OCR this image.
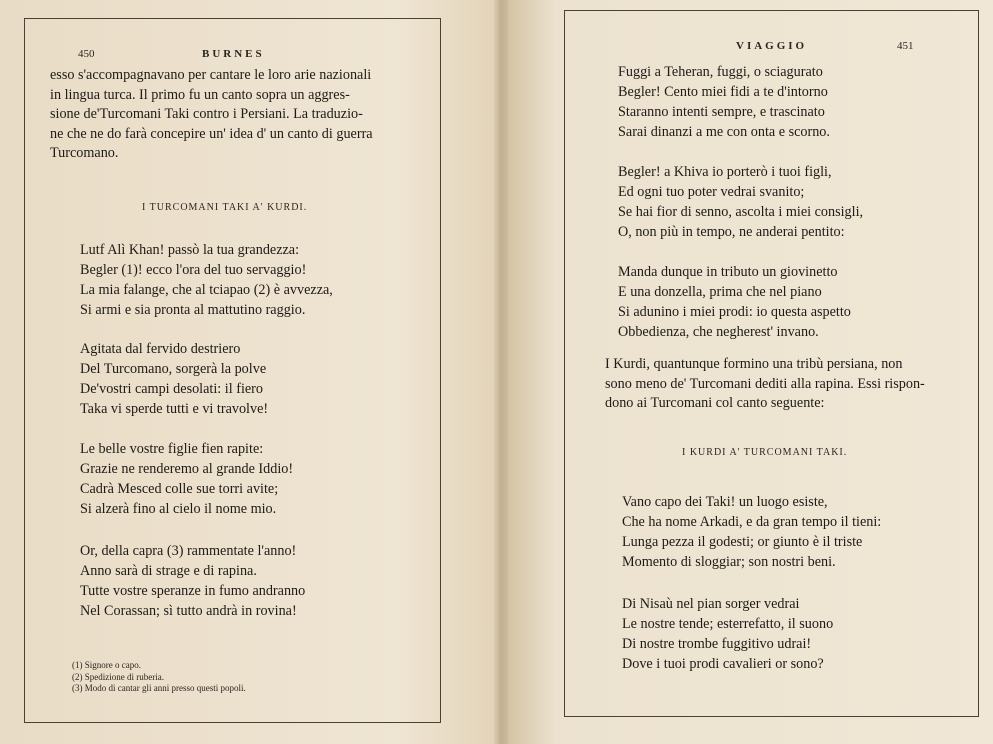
450	BURNES
esso s'accompagnavano per cantare le loro arie nazionali
in lingua turca. Il primo fu un canto sopra un aggres-
sione de'Turcomani Taki contro i Persiani. La traduzio-
ne che ne do farà concepire un' idea d' un canto di guerra
Turcomano.
I TURCOMANI TAKI A' KURDI.
Lutf Alì Khan! passò la tua grandezza:
Begler (1)! ecco l'ora del tuo servaggio!
La mia falange, che al tciapao (2) è avvezza,
Si armi e sia pronta al mattutino raggio.
Agitata dal fervido destriero
Del Turcomano, sorgerà la polve
De'vostri campi desolati: il fiero
Taka vi sperde tutti e vi travolve!
Le belle vostre figlie fien rapite:
Grazie ne renderemo al grande Iddio!
Cadrà Mesced colle sue torri avite;
Si alzerà fino al cielo il nome mio.
Or, della capra (3) rammentate l'anno!
Anno sarà di strage e di rapina.
Tutte vostre speranze in fumo andranno
Nel Corassan; sì tutto andrà in rovina!
(1) Signore o capo.
(2) Spedizione di ruberia.
(3) Modo di cantar gli anni presso questi popoli.
VIAGGIO	451
Fuggi a Teheran, fuggi, o sciagurato
Begler! Cento miei fidi a te d'intorno
Staranno intenti sempre, e trascinato
Sarai dinanzi a me con onta e scorno.
Begler! a Khiva io porterò i tuoi figli,
Ed ogni tuo poter vedrai svanito;
Se hai fior di senno, ascolta i miei consigli,
O, non più in tempo, ne anderai pentito:
Manda dunque in tributo un giovinetto
E una donzella, prima che nel piano
Si adunino i miei prodi: io questa aspetto
Obbedienza, che negherest' invano.
I Kurdi, quantunque formino una tribù persiana, non
sono meno de' Turcomani dediti alla rapina. Essi rispon-
dono ai Turcomani col canto seguente:
I KURDI A' TURCOMANI TAKI.
Vano capo dei Taki! un luogo esiste,
Che ha nome Arkadi, e da gran tempo il tieni:
Lunga pezza il godesti; or giunto è il triste
Momento di sloggiar; son nostri beni.
Di Nisaù nel pian sorger vedrai
Le nostre tende; esterrefatto, il suono
Di nostre trombe fuggitivo udrai!
Dove i tuoi prodi cavalieri or sono?
